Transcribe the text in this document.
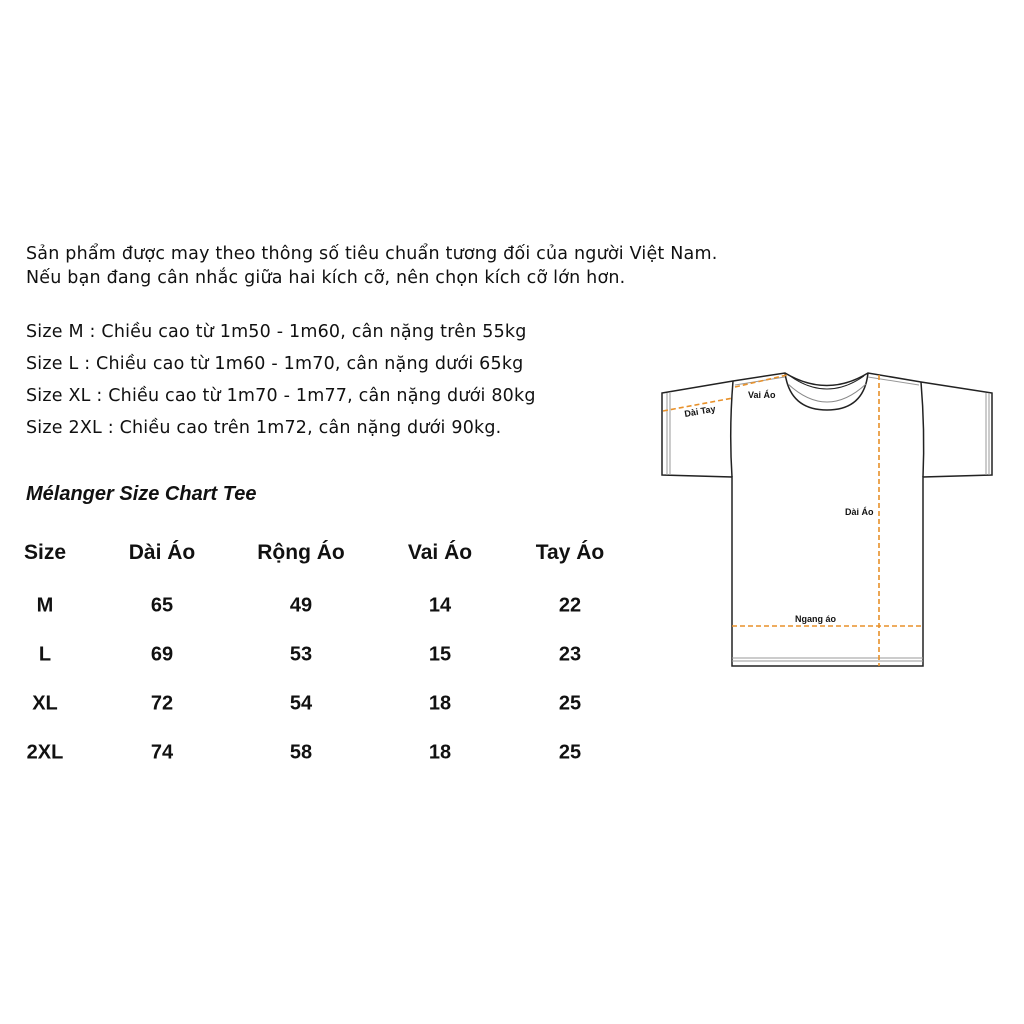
Sản phẩm được may theo thông số tiêu chuẩn tương đối của người Việt Nam.
Nếu bạn đang cân nhắc giữa hai kích cỡ, nên chọn kích cỡ lớn hơn.
Size M : Chiều cao từ 1m50 - 1m60, cân nặng trên 55kg
Size L : Chiều cao từ 1m60 - 1m70, cân nặng dưới 65kg
Size XL : Chiều cao từ 1m70 - 1m77, cân nặng dưới 80kg
Size 2XL : Chiều cao trên 1m72, cân nặng dưới 90kg.
Mélanger Size Chart Tee
Size	Dài Áo	Rộng Áo	Vai Áo	Tay Áo
M	65	49	14	22
L	69	53	15	23
XL	72	54	18	25
2XL	74	58	18	25
Vai Áo
Dài Tay
Dài Áo
Ngang áo
